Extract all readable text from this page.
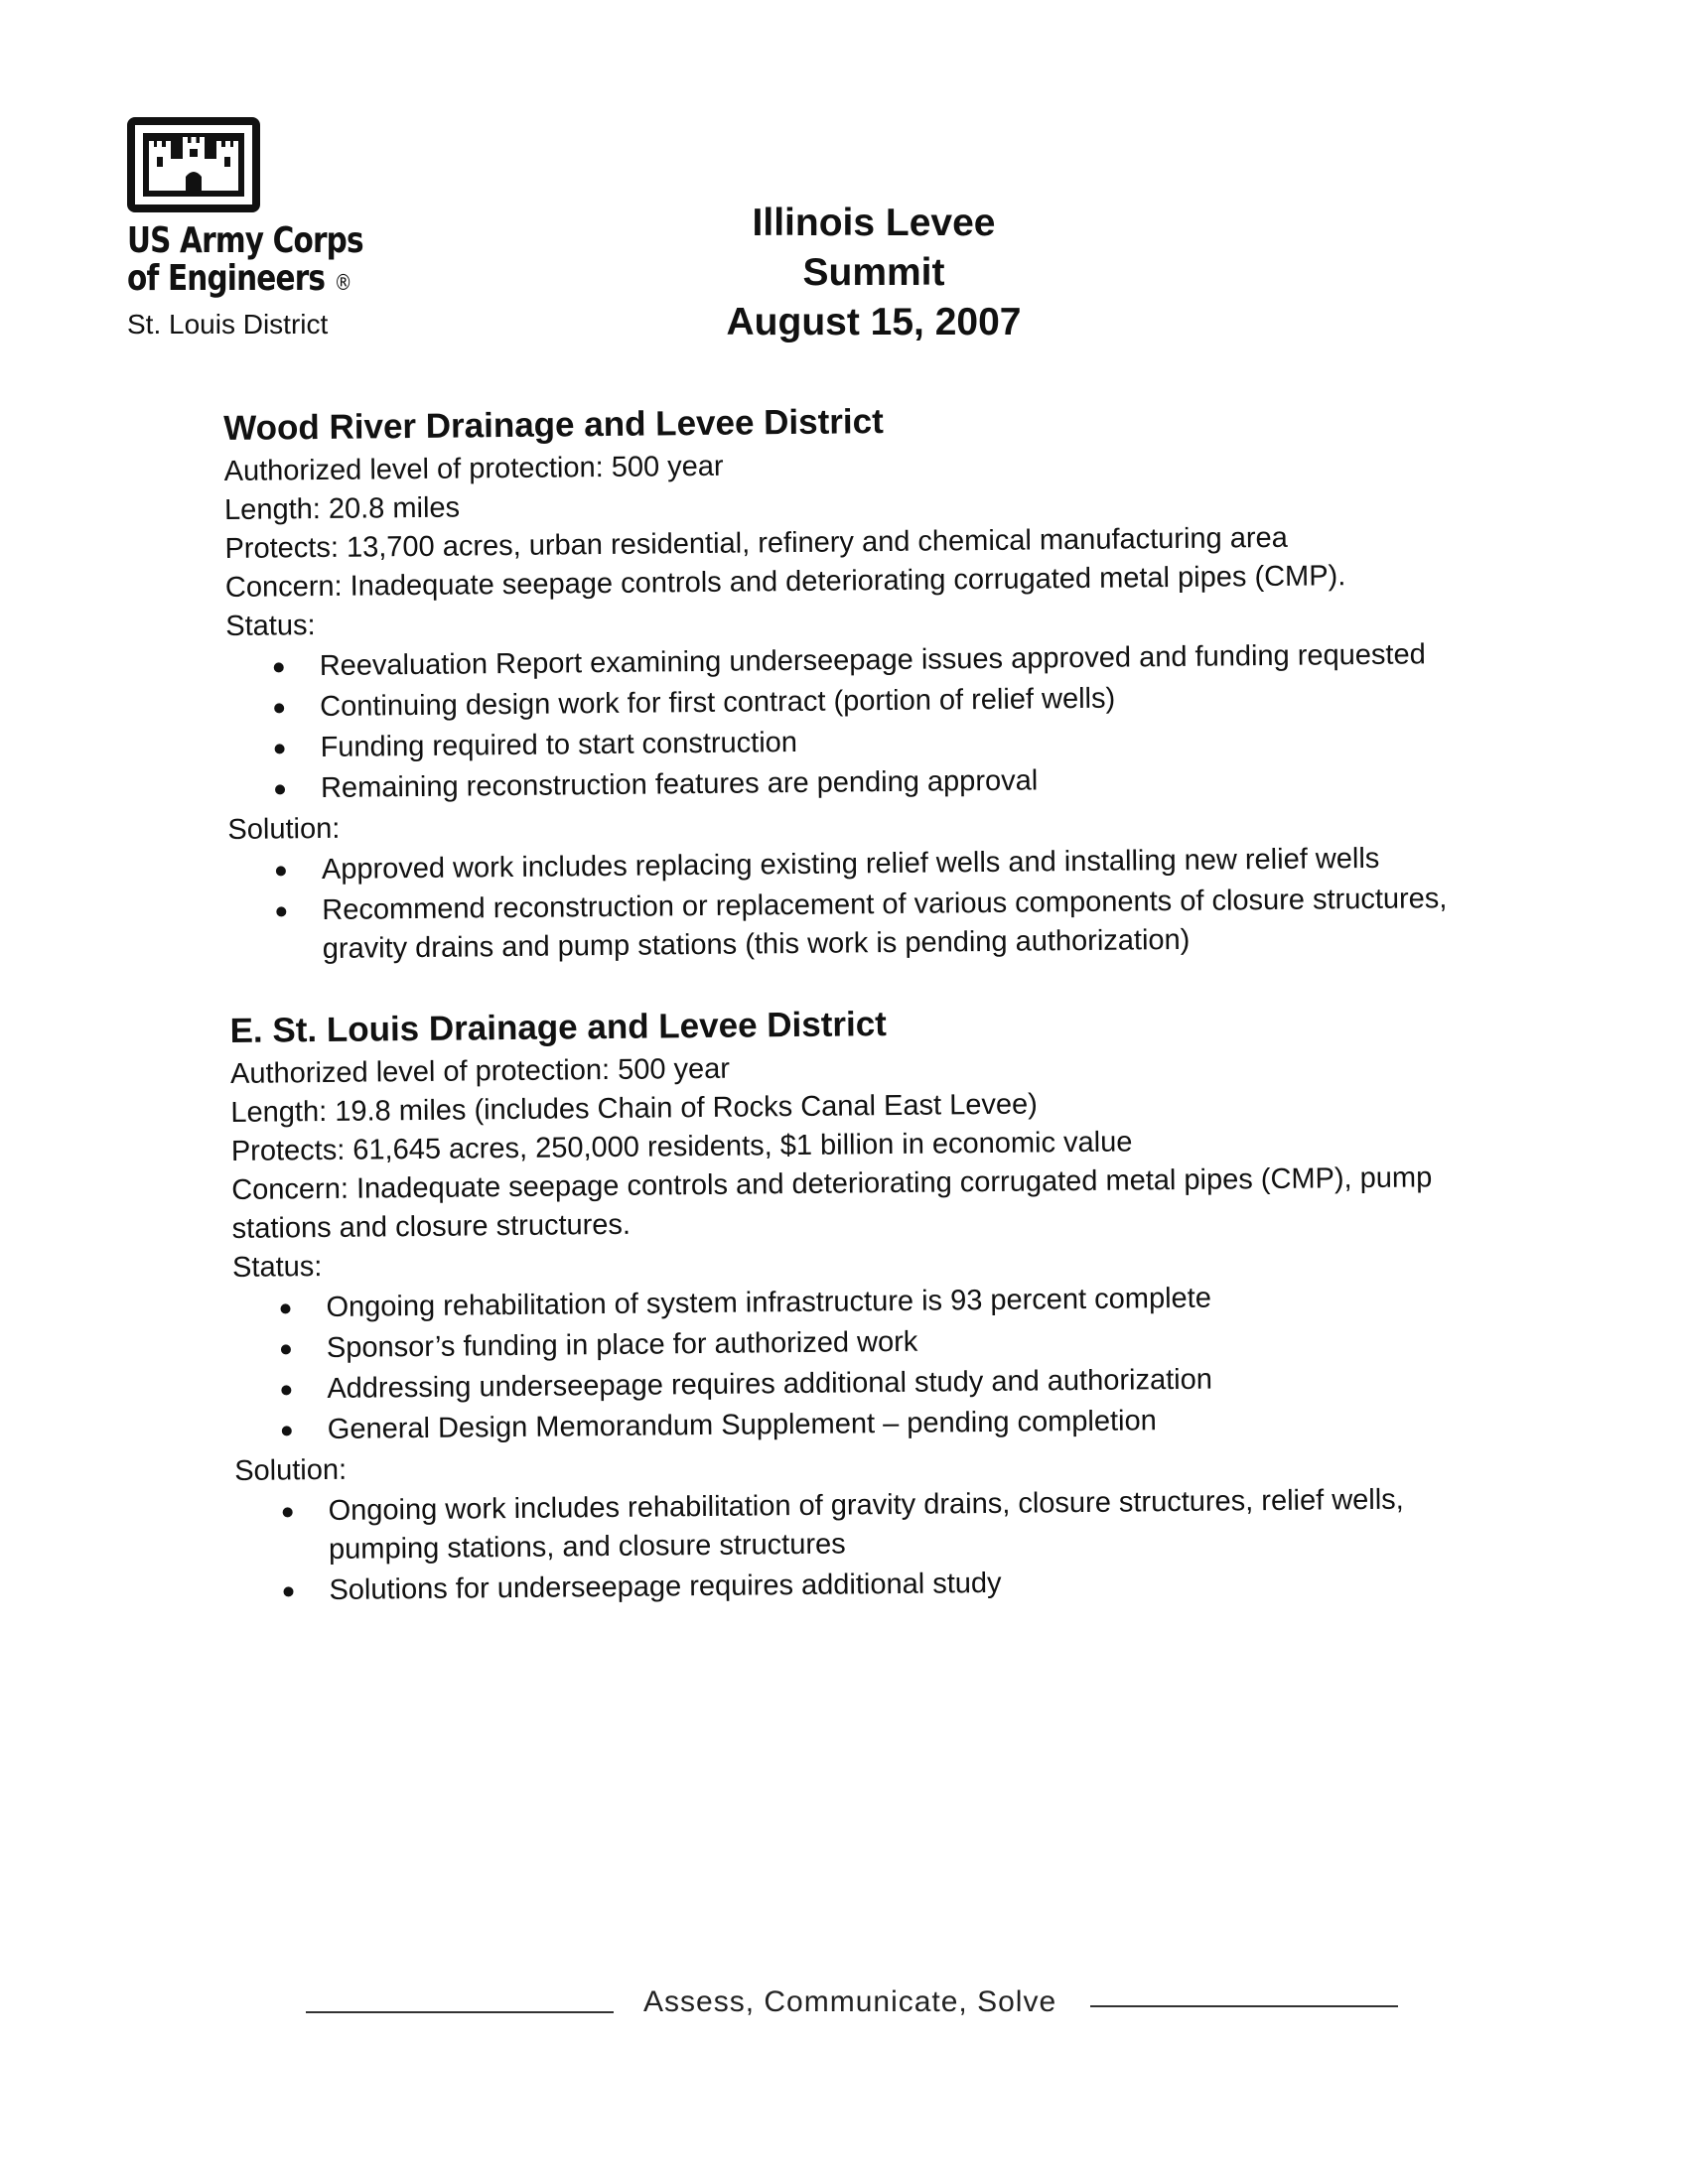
US Army Corps
of Engineers ®
St. Louis District
Illinois Levee Summit
August 15, 2007
Wood River Drainage and Levee District
Authorized level of protection: 500 year
Length: 20.8 miles
Protects: 13,700 acres, urban residential, refinery and chemical manufacturing area
Concern: Inadequate seepage controls and deteriorating corrugated metal pipes (CMP).
Status:
Reevaluation Report examining underseepage issues approved and funding requested
Continuing design work for first contract (portion of relief wells)
Funding required to start construction
Remaining reconstruction features are pending approval
Solution:
Approved work includes replacing existing relief wells and installing new relief wells
Recommend reconstruction or replacement of various components of closure structures, gravity drains and pump stations (this work is pending authorization)
E. St. Louis Drainage and Levee District
Authorized level of protection: 500 year
Length: 19.8 miles (includes Chain of Rocks Canal East Levee)
Protects: 61,645 acres, 250,000 residents, $1 billion in economic value
Concern: Inadequate seepage controls and deteriorating corrugated metal pipes (CMP), pump stations and closure structures.
Status:
Ongoing rehabilitation of system infrastructure is 93 percent complete
Sponsor’s funding in place for authorized work
Addressing underseepage requires additional study and authorization
General Design Memorandum Supplement – pending completion
Solution:
Ongoing work includes rehabilitation of gravity drains, closure structures, relief wells, pumping stations, and closure structures
Solutions for underseepage requires additional study
Assess, Communicate, Solve
